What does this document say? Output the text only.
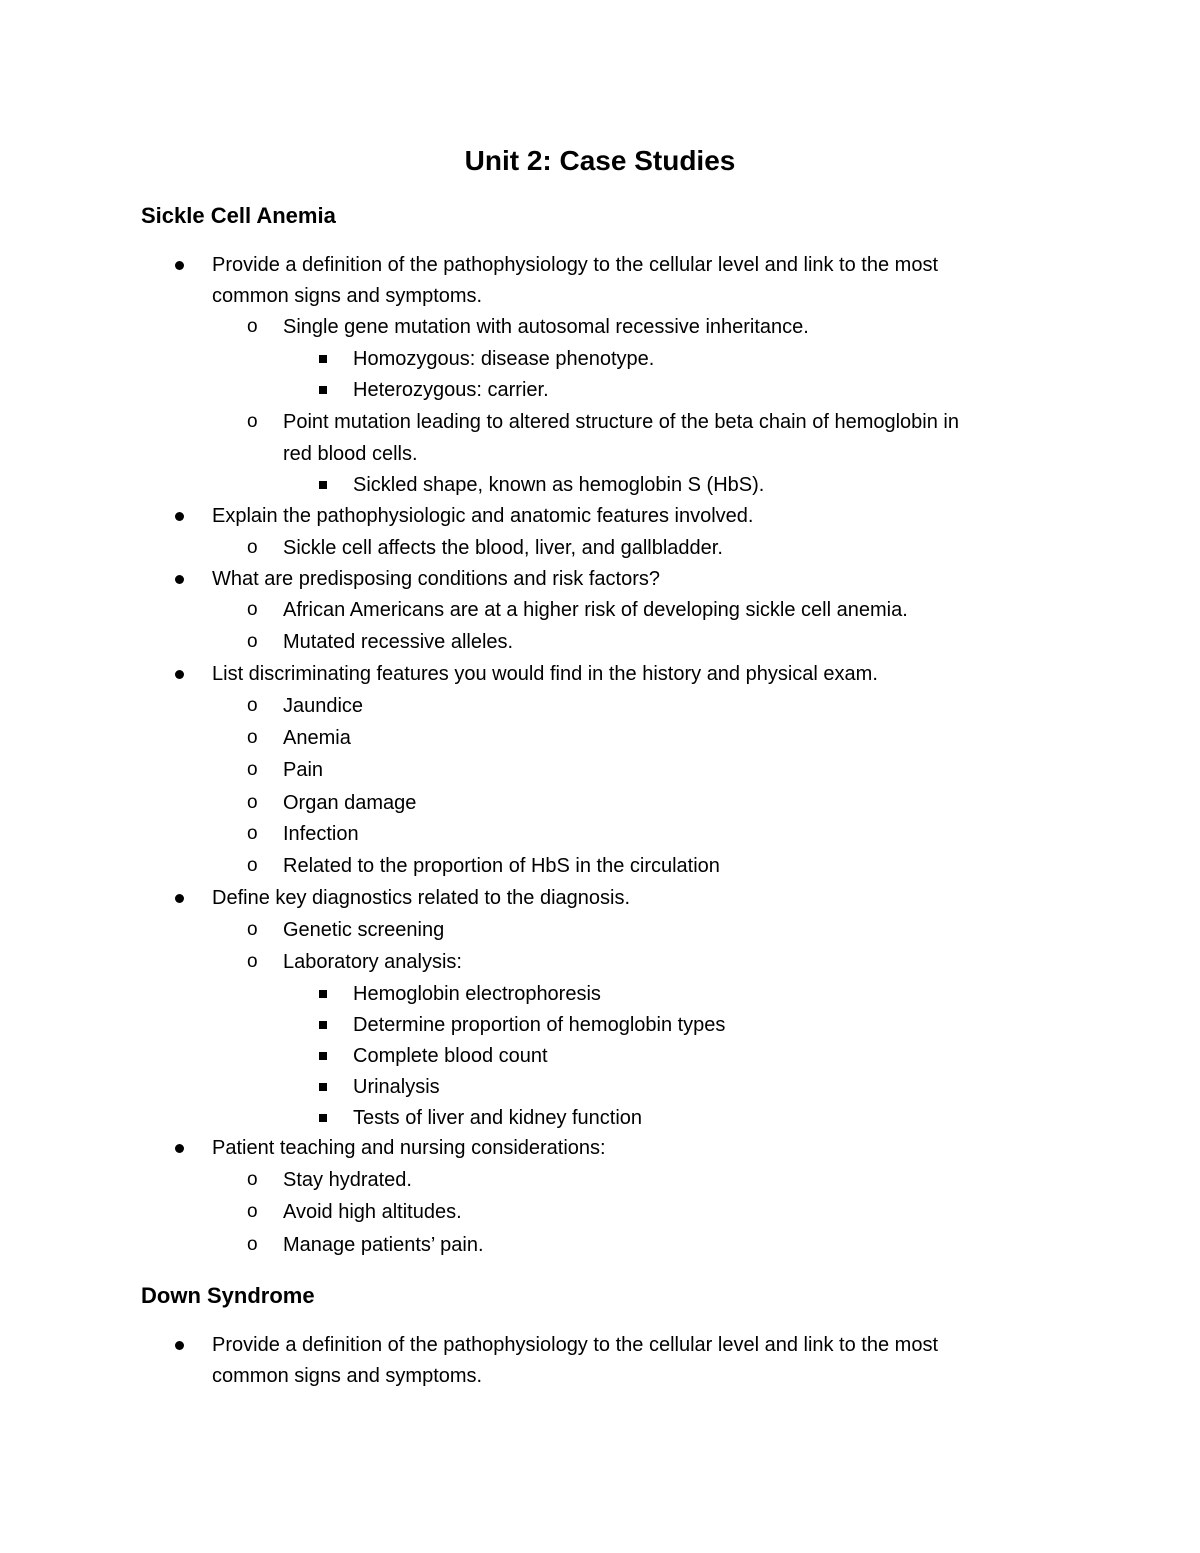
Unit 2: Case Studies
Sickle Cell Anemia
Provide a definition of the pathophysiology to the cellular level and link to the most
common signs and symptoms.
o Single gene mutation with autosomal recessive inheritance.
Homozygous: disease phenotype.
Heterozygous: carrier.
o Point mutation leading to altered structure of the beta chain of hemoglobin in
red blood cells.
Sickled shape, known as hemoglobin S (HbS).
Explain the pathophysiologic and anatomic features involved.
o Sickle cell affects the blood, liver, and gallbladder.
What are predisposing conditions and risk factors?
o African Americans are at a higher risk of developing sickle cell anemia.
o Mutated recessive alleles.
List discriminating features you would find in the history and physical exam.
o Jaundice
o Anemia
o Pain
o Organ damage
o Infection
o Related to the proportion of HbS in the circulation
Define key diagnostics related to the diagnosis.
o Genetic screening
o Laboratory analysis:
Hemoglobin electrophoresis
Determine proportion of hemoglobin types
Complete blood count
Urinalysis
Tests of liver and kidney function
Patient teaching and nursing considerations:
o Stay hydrated.
o Avoid high altitudes.
o Manage patients’ pain.
Down Syndrome
Provide a definition of the pathophysiology to the cellular level and link to the most
common signs and symptoms.
